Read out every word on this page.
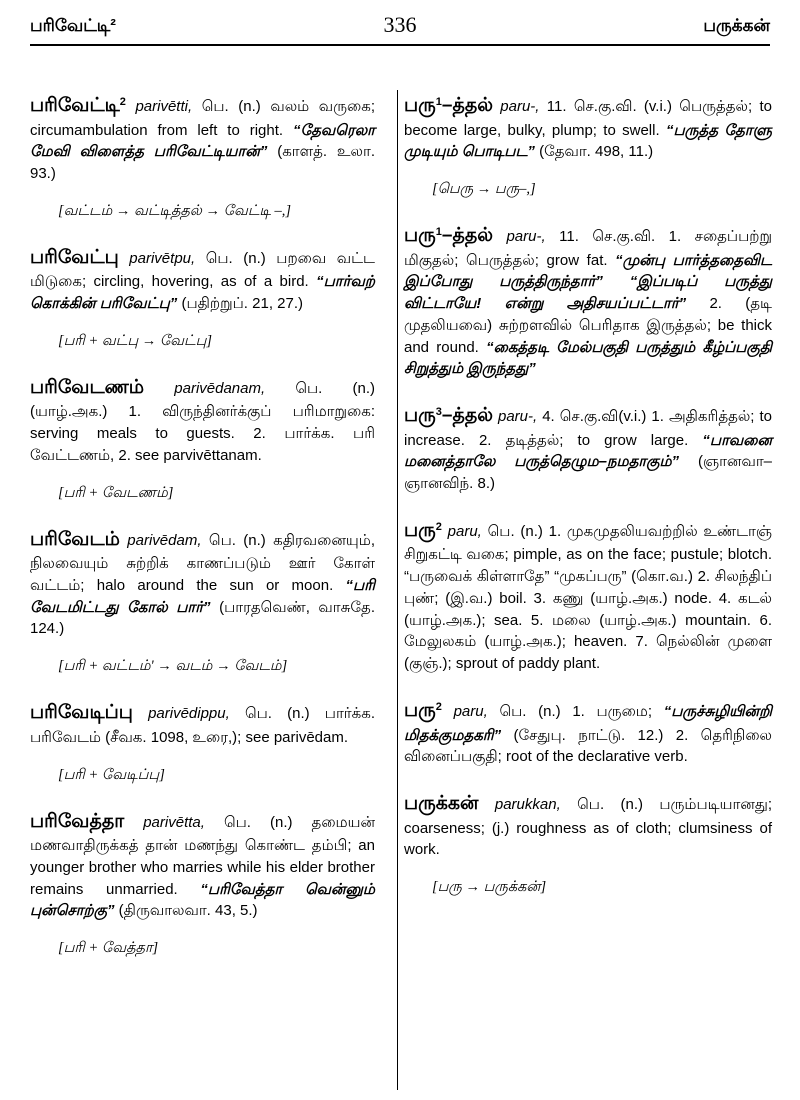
பரிவேட்டி²	336	பருக்கன்
பரிவேட்டி$^2$ parivētti, பெ. (n.) வலம் வருகை; circumambulation from left to right. “தேவரெலா மேவி விளைத்த பரிவேட்டியான்” (காளத். உலா. 93.)
[வட்டம் → வட்டித்தல் → வேட்டி –,]
பரிவேட்பு parivētpu, பெ. (n.) பறவை வட்ட மிடுகை; circling, hovering, as of a bird. “பார்வற் கொக்கின் பரிவேட்பு” (பதிற்றுப். 21, 27.)
[பரி + வட்பு → வேட்பு]
பரிவேடணம் parivēdanam, பெ. (n.) (யாழ்.அக.) 1. விருந்தினர்க்குப் பரிமாறுகை: serving meals to guests. 2. பார்க்க. பரி வேட்டணம், 2. see parvivēttanam.
[பரி + வேடணம்]
பரிவேடம் parivēdam, பெ. (n.) கதிரவனையும், நிலவையும் சுற்றிக் காணப்படும் ஊர் கோள் வட்டம்; halo around the sun or moon. “பரி வேடமிட்டது கோல் பார்” (பாரதவெண், வாசுதே. 124.)
[பரி + வட்டம்' → வடம் → வேடம்]
பரிவேடிப்பு parivēdippu, பெ. (n.) பார்க்க. பரிவேடம் (சீவக. 1098, உரை,); see parivēdam.
[பரி + வேடிப்பு]
பரிவேத்தா parivētta, பெ. (n.) தமையன் மணவாதிருக்கத் தான் மணந்து கொண்ட தம்பி; an younger brother who marries while his elder brother remains unmarried. “பரிவேத்தா வென்னும் புன்சொற்கு” (திருவாலவா. 43, 5.)
[பரி + வேத்தா]
பரு$^1$–த்தல் paru-, 11. செ.கு.வி. (v.i.) பெருத்தல்; to become large, bulky, plump; to swell. “பருத்த தோளு முடியும் பொடிபட” (தேவா. 498, 11.)
[பெரு → பரு–,]
பரு$^1$–த்தல் paru-, 11. செ.கு.வி. 1. சதைப்பற்று மிகுதல்; பெருத்தல்; grow fat. “முன்பு பார்த்ததைவிட இப்போது பருத்திருந்தார்” “இப்படிப் பருத்து விட்டாயே! என்று அதிசயப்பட்டார்” 2. (தடி முதலியவை) சுற்றளவில் பெரிதாக இருத்தல்; be thick and round. “கைத்தடி மேல்பகுதி பருத்தும் கீழ்ப்பகுதி சிறுத்தும் இருந்தது”
பரு$^3$–த்தல் paru-, 4. செ.கு.வி(v.i.) 1. அதிகரித்தல்; to increase. 2. தடித்தல்; to grow large. “பாவனை மனைத்தாலே பருத்தெழும–நமதாகும்” (ஞானவா–ஞானவிந். 8.)
பரு$^2$ paru, பெ. (n.) 1. முகமுதலியவற்றில் உண்டாஞ் சிறுகட்டி வகை; pimple, as on the face; pustule; blotch. “பருவைக் கிள்ளாதே” “முகப்பரு” (கொ.வ.) 2. சிலந்திப் புண்; (இ.வ.) boil. 3. கணு (யாழ்.அக.) node. 4. கடல் (யாழ்.அக.); sea. 5. மலை (யாழ்.அக.) mountain. 6. மேலுலகம் (யாழ்.அக.); heaven. 7. நெல்லின் முளை (குஞ்.); sprout of paddy plant.
பரு$^2$ paru, பெ. (n.) 1. பருமை; “பருச்சுழியின்றி மிதக்குமதகரி” (சேதுபு. நாட்டு. 12.) 2. தெரிநிலை வினைப்பகுதி; root of the declarative verb.
பருக்கன் parukkan, பெ. (n.) பரும்படியானது; coarseness; (j.) roughness as of cloth; clumsiness of work.
[பரு → பருக்கன்]
